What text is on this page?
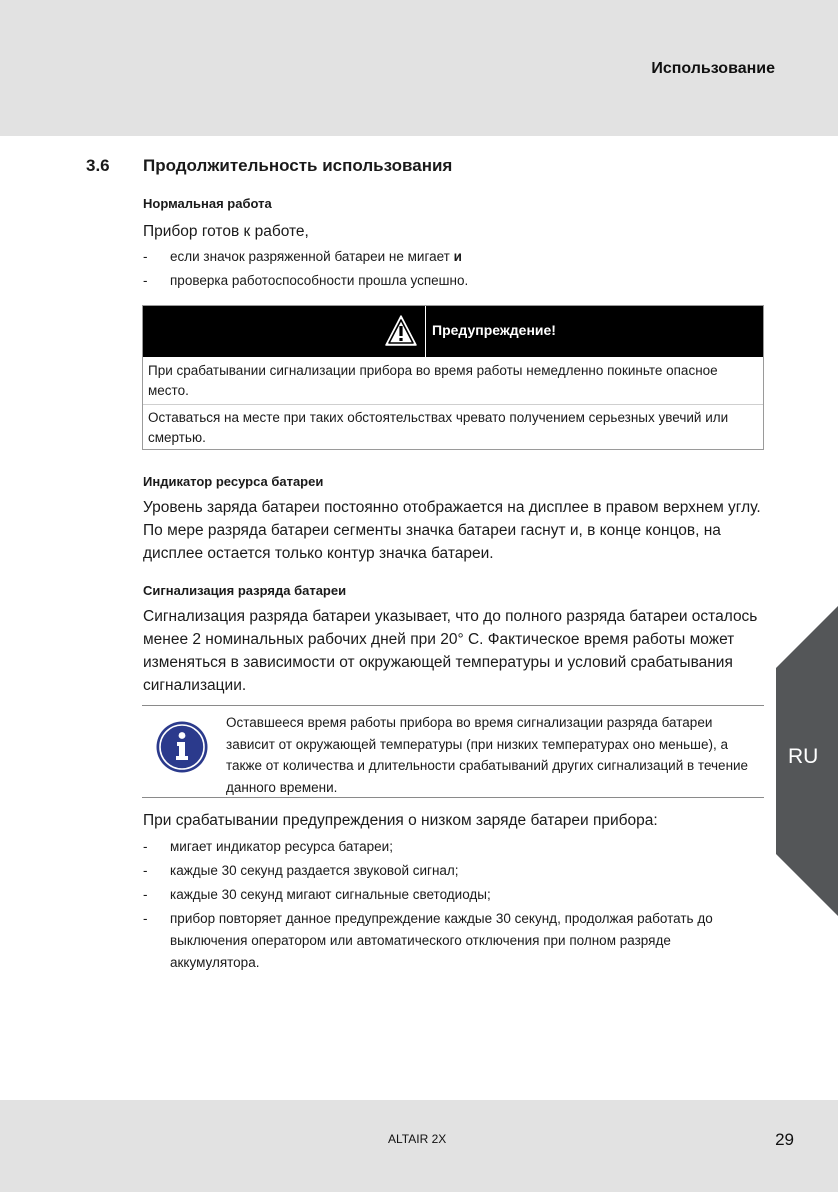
Использование
3.6 Продолжительность использования
Нормальная работа
Прибор готов к работе,
- если значок разряженной батареи не мигает и
- проверка работоспособности прошла успешно.
Предупреждение!
При срабатывании сигнализации прибора во время работы немедленно покиньте опасное место.
Оставаться на месте при таких обстоятельствах чревато получением серьезных увечий или смертью.
Индикатор ресурса батареи
Уровень заряда батареи постоянно отображается на дисплее в правом верхнем углу. По мере разряда батареи сегменты значка батареи гаснут и, в конце концов, на дисплее остается только контур значка батареи.
Сигнализация разряда батареи
Сигнализация разряда батареи указывает, что до полного разряда батареи осталось менее 2 номинальных рабочих дней при 20° C. Фактическое время работы может изменяться в зависимости от окружающей температуры и условий срабатывания сигнализации.
Оставшееся время работы прибора во время сигнализации разряда батареи зависит от окружающей температуры (при низких температурах оно меньше), а также от количества и длительности срабатываний других сигнализаций в течение данного времени.
При срабатывании предупреждения о низком заряде батареи прибора:
- мигает индикатор ресурса батареи;
- каждые 30 секунд раздается звуковой сигнал;
- каждые 30 секунд мигают сигнальные светодиоды;
- прибор повторяет данное предупреждение каждые 30 секунд, продолжая работать до выключения оператором или автоматического отключения при полном разряде аккумулятора.
RU
ALTAIR 2X	29
